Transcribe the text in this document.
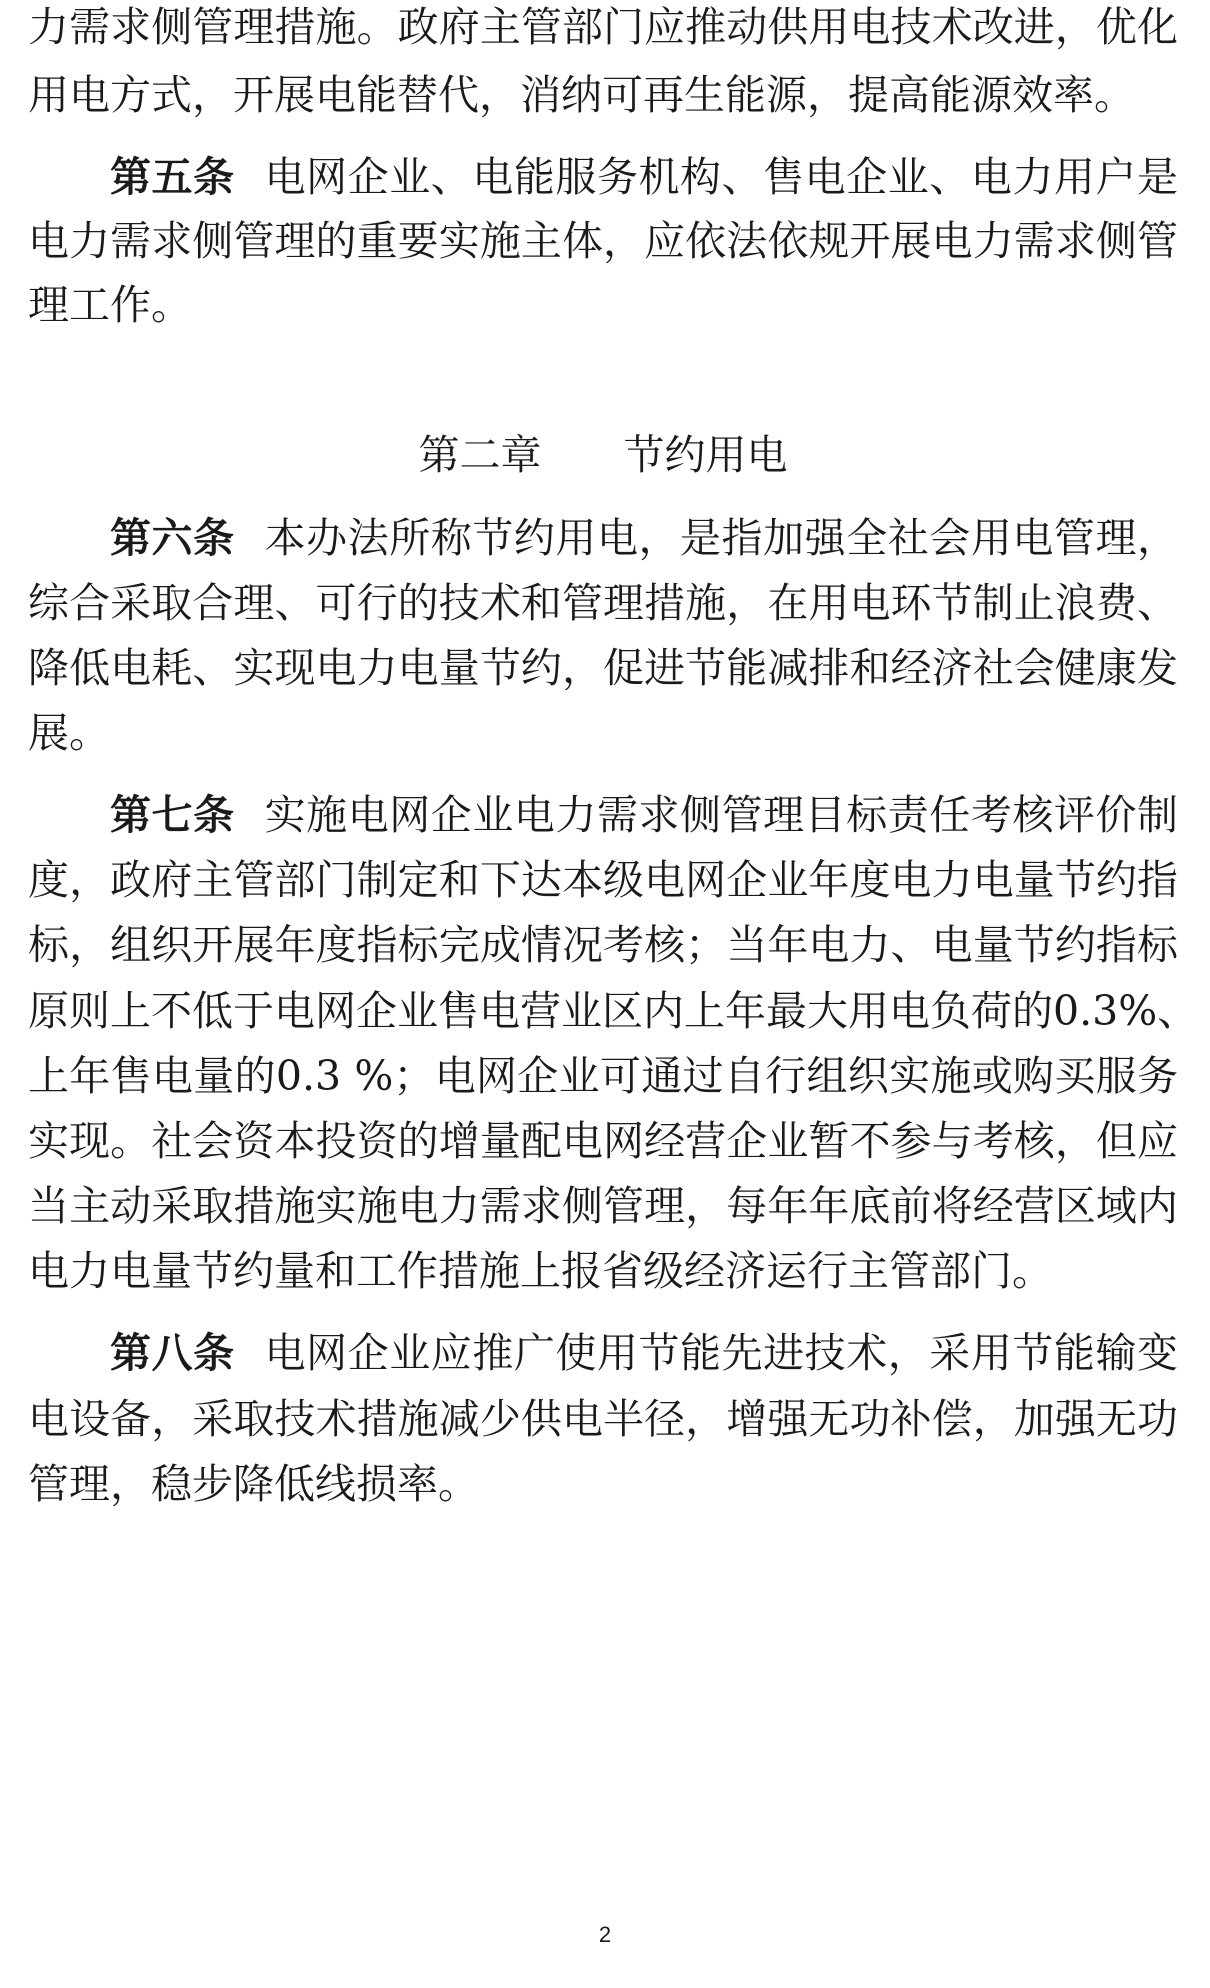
力需求侧管理措施。政府主管部门应推动供用电技术改进，优化
用电方式，开展电能替代，消纳可再生能源，提高能源效率。
第五条 电网企业、电能服务机构、售电企业、电力用户是
电力需求侧管理的重要实施主体，应依法依规开展电力需求侧管
理工作。
第二章　　节约用电
第六条 本办法所称节约用电，是指加强全社会用电管理，
综合采取合理、可行的技术和管理措施，在用电环节制止浪费、
降低电耗、实现电力电量节约，促进节能减排和经济社会健康发
展。
第七条 实施电网企业电力需求侧管理目标责任考核评价制
度，政府主管部门制定和下达本级电网企业年度电力电量节约指
标，组织开展年度指标完成情况考核；当年电力、电量节约指标
原则上不低于电网企业售电营业区内上年最大用电负荷的0.3%、
上年售电量的0.3 %；电网企业可通过自行组织实施或购买服务
实现。社会资本投资的增量配电网经营企业暂不参与考核，但应
当主动采取措施实施电力需求侧管理，每年年底前将经营区域内
电力电量节约量和工作措施上报省级经济运行主管部门。
第八条 电网企业应推广使用节能先进技术，采用节能输变
电设备，采取技术措施减少供电半径，增强无功补偿，加强无功
管理，稳步降低线损率。
2
